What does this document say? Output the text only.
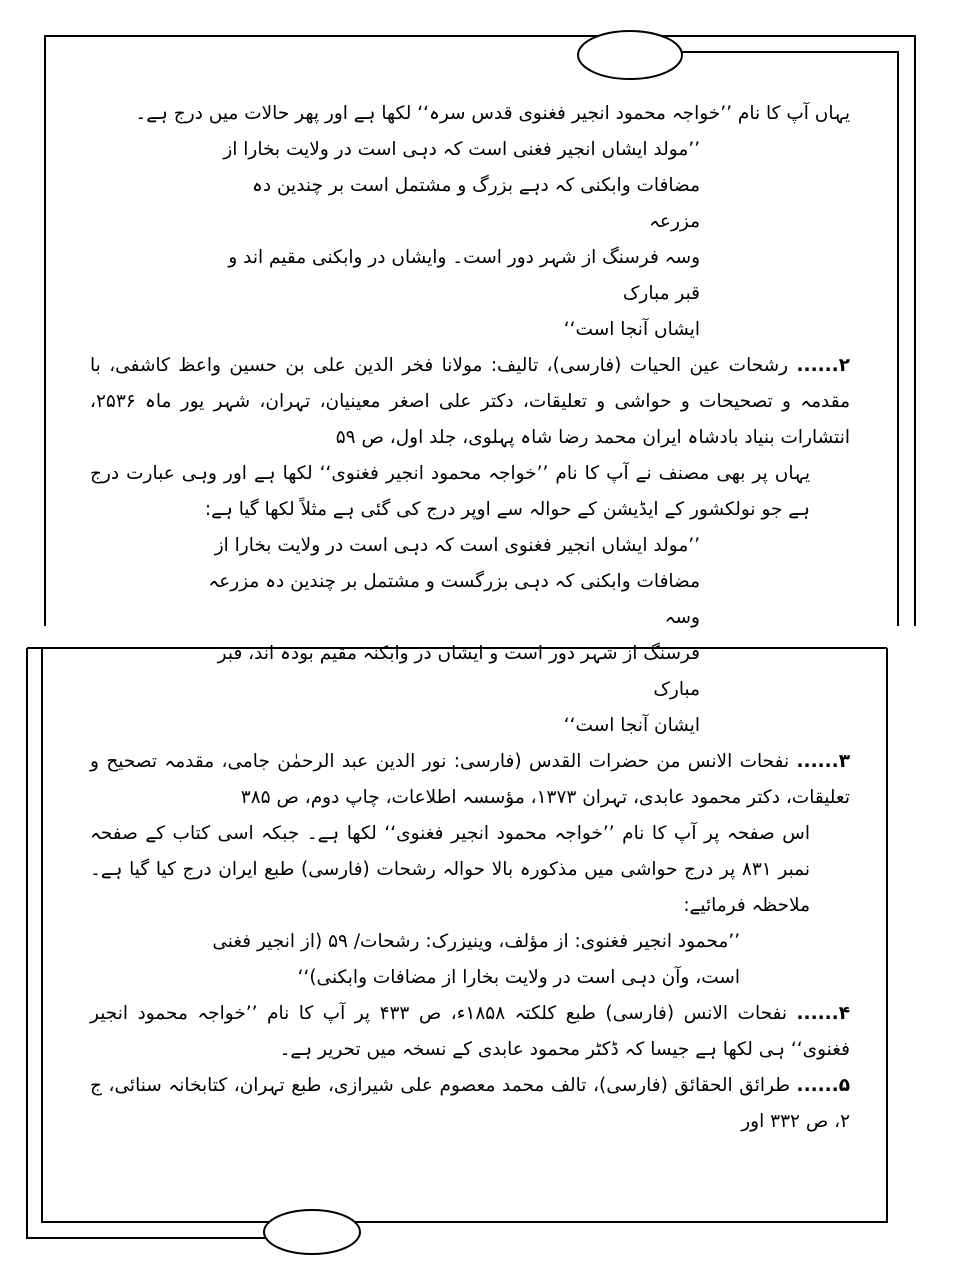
یہاں آپ کا نام ’’خواجہ محمود انجیر فغنوی قدس سرہ‘‘ لکھا ہے اور پھر حالات میں درج ہے۔

’’مولد ایشاں انجیر فغنی است کہ دہی است در ولایت بخارا از

مضافات وابکنی کہ دہے بزرگ و مشتمل است بر چندین دہ مزرعہ

وسہ فرسنگ از شہر دور است۔ وایشاں در وابکنی مقیم اند و قبر مبارک

ایشاں آنجا است‘‘

۲...... رشحات عین الحیات (فارسی)، تالیف: مولانا فخر الدین علی بن حسین واعظ کاشفی، با مقدمہ و تصحیحات و حواشی و تعلیقات، دکتر علی اصغر معینیان، تہران، شہر یور ماہ ۲۵۳۶، انتشارات بنیاد بادشاہ ایران محمد رضا شاہ پہلوی، جلد اول، ص ۵۹

یہاں پر بھی مصنف نے آپ کا نام ’’خواجہ محمود انجیر فغنوی‘‘ لکھا ہے اور وہی عبارت درج ہے جو نولکشور کے ایڈیشن کے حوالہ سے اوپر درج کی گئی ہے مثلاً لکھا گیا ہے:

’’مولد ایشاں انجیر فغنوی است کہ دہی است در ولایت بخارا از

مضافات وابکنی کہ دہی بزرگست و مشتمل بر چندین دہ مزرعہ وسہ

فرسنگ از شہر دور است و ایشاں در وابکنہ مقیم بودہ اند، قبر مبارک

ایشان آنجا است‘‘

۳...... نفحات الانس من حضرات القدس (فارسی: نور الدین عبد الرحمٰن جامی، مقدمہ تصحیح و تعلیقات، دکتر محمود عابدی، تہران ۱۳۷۳، مؤسسہ اطلاعات، چاپ دوم، ص ۳۸۵

اس صفحہ پر آپ کا نام ’’خواجہ محمود انجیر فغنوی‘‘ لکھا ہے۔ جبکہ اسی کتاب کے صفحہ نمبر ۸۳۱ پر درج حواشی میں مذکورہ بالا حوالہ رشحات (فارسی) طبع ایران درج کیا گیا ہے۔ ملاحظہ فرمائیے:

’’محمود انجیر فغنوی: از مؤلف، وینیزرک: رشحات/ ۵۹ (از انجیر فغنی

است، وآن دہی است در ولایت بخارا از مضافات وابکنی)‘‘

۴...... نفحات الانس (فارسی) طبع کلکتہ ۱۸۵۸ء، ص ۴۳۳ پر آپ کا نام ’’خواجہ محمود انجیر فغنوی‘‘ ہی لکھا ہے جیسا کہ ڈکٹر محمود عابدی کے نسخہ میں تحریر ہے۔

۵...... طرائق الحقائق (فارسی)، تالف محمد معصوم علی شیرازی، طبع تہران، کتابخانہ سنائی، ج ۲، ص ۳۳۲ اور
